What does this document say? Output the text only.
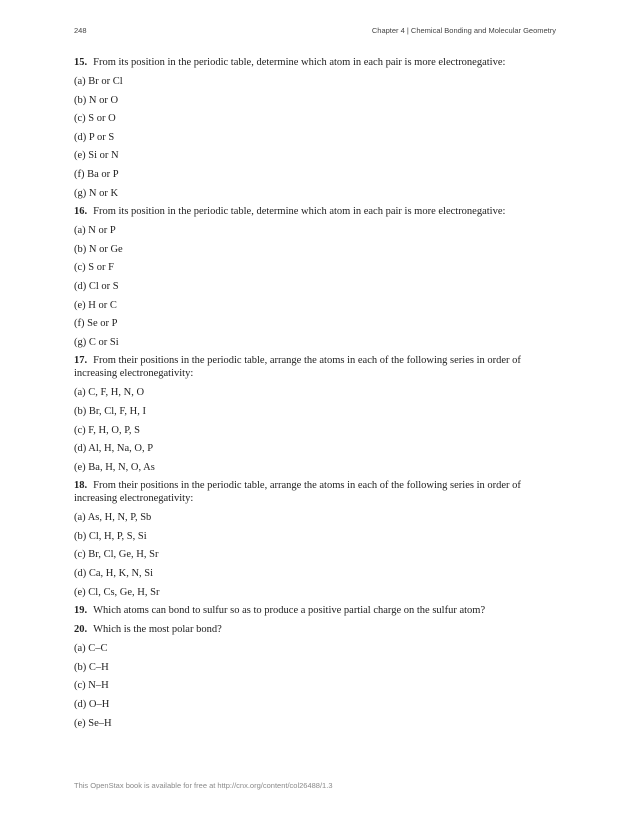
248	Chapter 4 | Chemical Bonding and Molecular Geometry
15. From its position in the periodic table, determine which atom in each pair is more electronegative:
(a) Br or Cl
(b) N or O
(c) S or O
(d) P or S
(e) Si or N
(f) Ba or P
(g) N or K
16. From its position in the periodic table, determine which atom in each pair is more electronegative:
(a) N or P
(b) N or Ge
(c) S or F
(d) Cl or S
(e) H or C
(f) Se or P
(g) C or Si
17. From their positions in the periodic table, arrange the atoms in each of the following series in order of increasing electronegativity:
(a) C, F, H, N, O
(b) Br, Cl, F, H, I
(c) F, H, O, P, S
(d) Al, H, Na, O, P
(e) Ba, H, N, O, As
18. From their positions in the periodic table, arrange the atoms in each of the following series in order of increasing electronegativity:
(a) As, H, N, P, Sb
(b) Cl, H, P, S, Si
(c) Br, Cl, Ge, H, Sr
(d) Ca, H, K, N, Si
(e) Cl, Cs, Ge, H, Sr
19. Which atoms can bond to sulfur so as to produce a positive partial charge on the sulfur atom?
20. Which is the most polar bond?
(a) C–C
(b) C–H
(c) N–H
(d) O–H
(e) Se–H
This OpenStax book is available for free at http://cnx.org/content/col26488/1.3
